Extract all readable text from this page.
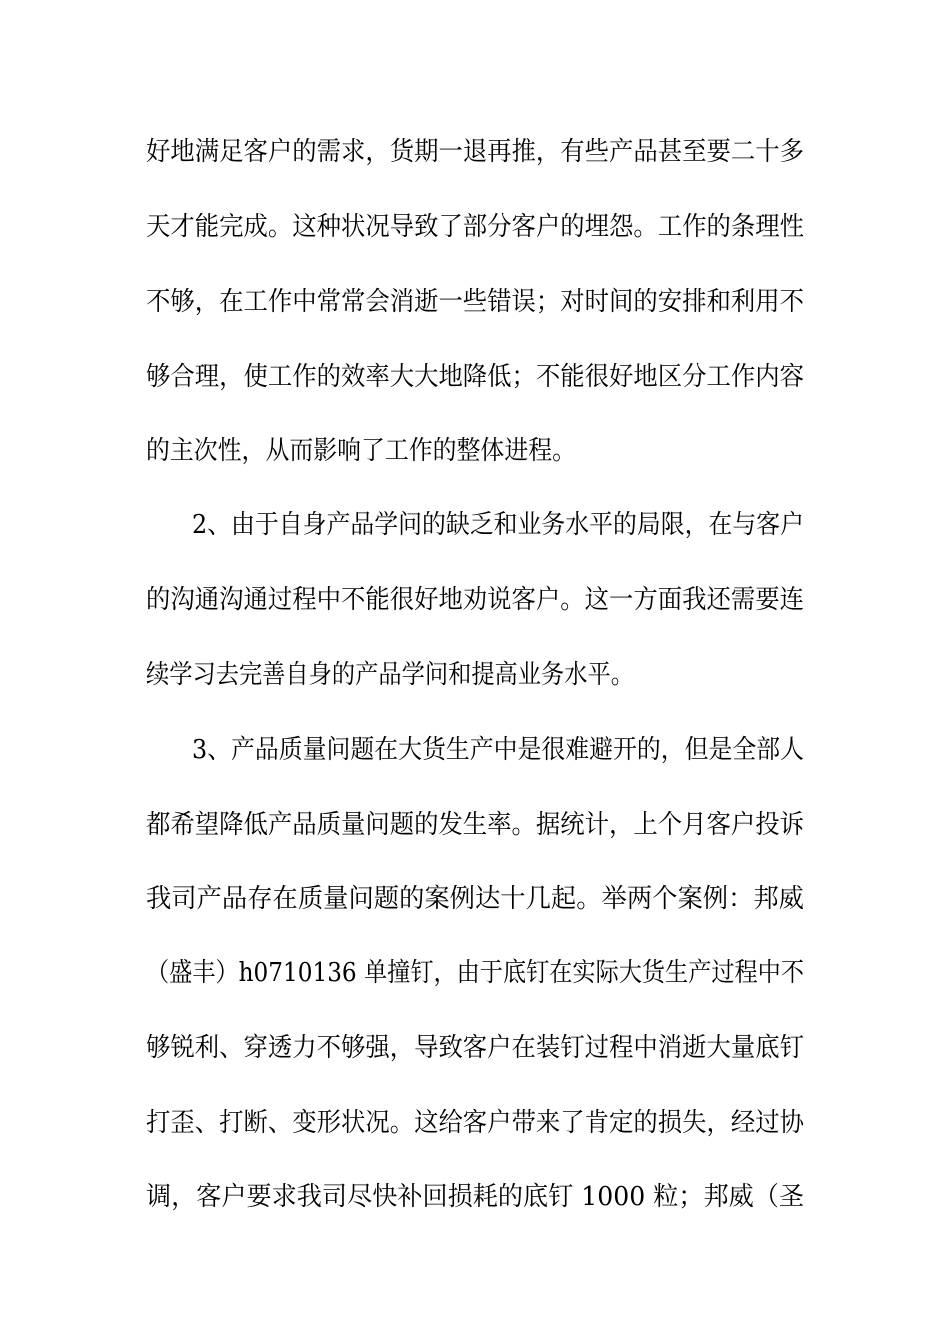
好地满足客户的需求，货期一退再推，有些产品甚至要二十多
天才能完成。这种状况导致了部分客户的埋怨。工作的条理性
不够，在工作中常常会消逝一些错误；对时间的安排和利用不
够合理，使工作的效率大大地降低；不能很好地区分工作内容
的主次性，从而影响了工作的整体进程。
2、由于自身产品学问的缺乏和业务水平的局限，在与客户
的沟通沟通过程中不能很好地劝说客户。这一方面我还需要连
续学习去完善自身的产品学问和提高业务水平。
3、产品质量问题在大货生产中是很难避开的，但是全部人
都希望降低产品质量问题的发生率。据统计，上个月客户投诉
我司产品存在质量问题的案例达十几起。举两个案例：邦威
（盛丰）h0710136 单撞钉，由于底钉在实际大货生产过程中不
够锐利、穿透力不够强，导致客户在装钉过程中消逝大量底钉
打歪、打断、变形状况。这给客户带来了肯定的损失，经过协
调，客户要求我司尽快补回损耗的底钉 1000 粒；邦威（圣
